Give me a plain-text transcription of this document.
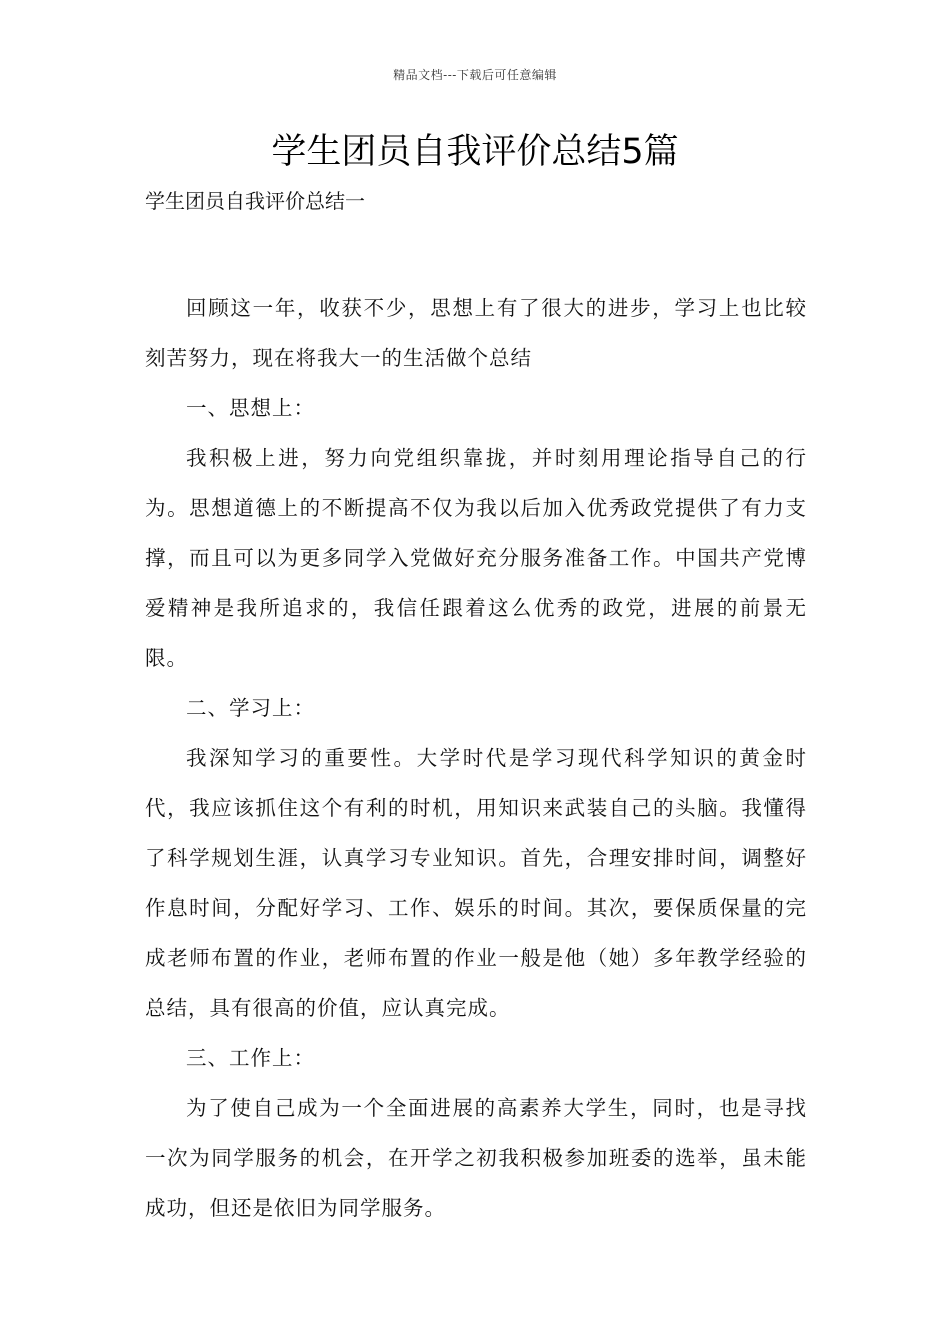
精品文档---下载后可任意编辑
学生团员自我评价总结5篇
学生团员自我评价总结一

回顾这一年，收获不少，思想上有了很大的进步，学习上也比较刻苦努力，现在将我大一的生活做个总结

一、思想上：

我积极上进，努力向党组织靠拢，并时刻用理论指导自己的行为。思想道德上的不断提高不仅为我以后加入优秀政党提供了有力支撑，而且可以为更多同学入党做好充分服务准备工作。中国共产党博爱精神是我所追求的，我信任跟着这么优秀的政党，进展的前景无限。

二、学习上：

我深知学习的重要性。大学时代是学习现代科学知识的黄金时代，我应该抓住这个有利的时机，用知识来武装自己的头脑。我懂得了科学规划生涯，认真学习专业知识。首先，合理安排时间，调整好作息时间，分配好学习、工作、娱乐的时间。其次，要保质保量的完成老师布置的作业，老师布置的作业一般是他（她）多年教学经验的总结，具有很高的价值，应认真完成。

三、工作上：

为了使自己成为一个全面进展的高素养大学生，同时，也是寻找一次为同学服务的机会，在开学之初我积极参加班委的选举，虽未能成功，但还是依旧为同学服务。
